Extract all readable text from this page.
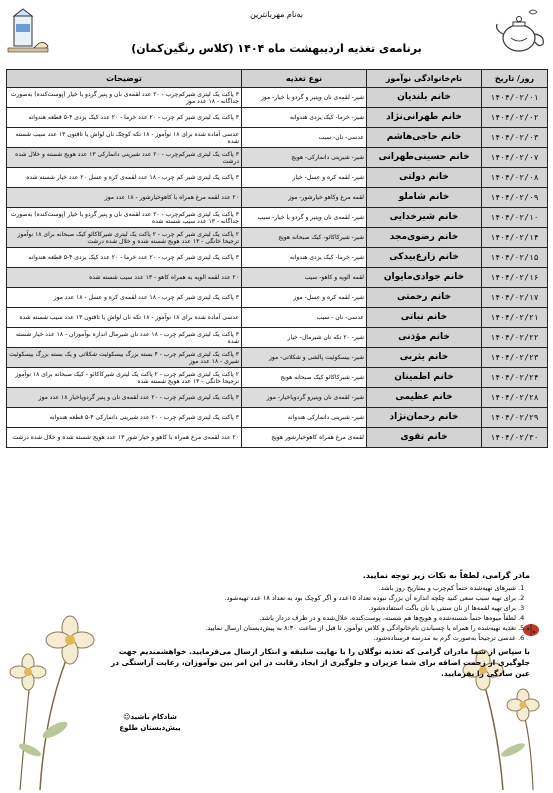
به‌نام مهربانترین
برنامه‌ی تغذیه اردیبهشت ماه ۱۴۰۴ (کلاس رنگین‌کمان)
روز/ تاریخ	نام‌خانوادگی نوآموز	نوع تغذیه	توضیحات
۱۴۰۴/۰۲/۰۱	خانم بلندیان	شیر- لقمه‌ی نان وپنیر و گردو یا خیار- موز	۳ پاکت یک لیتری شیرکم‌چرب - ۲۰ عدد لقمه‌ی نان و پنیر گردو یا خیار (پوست‌کنده) به‌صورت جداگانه - ۱۸ عدد موز
۱۴۰۴/۰۲/۰۲	خانم طهرانی‌نژاد	شیر- خرما- کیک یزدی هندوانه	۳ پاکت یک لیتری شیر کم چرب - ۲۰ عدد خرما - ۲۰ عدد کیک یزدی ۴-۵ قطعه هندوانه
۱۴۰۴/۰۲/۰۳	خانم حاجی‌هاشم	عدسی- نان- سیب	عدسی آماده شده برای ۱۸ نوآموز - ۱۸ تکه کوچک نان لواش یا تافتون ۱۳ عدد سیب شسته شده
۱۴۰۴/۰۲/۰۷	خانم حسینی‌طهرانی	شیر- شیرینی دانمارکی- هویج	۳ پاکت یک لیتری شیرکم‌چرب - ۲۰ عدد شیرینی دانمارکی ۱۳ عدد هویج شسته و خلال شده درشت
۱۴۰۴/۰۲/۰۸	خانم دولتی	شیر- لقمه کره و عسل- خیار	۳ پاکت یک لیتری شیر کم چرب - ۱۸ عدد لقمه‌ی کره و عسل ۲۰ عدد خیار شسته شده
۱۴۰۴/۰۲/۰۹	خانم شاملو	لقمه مرغ وکاهو خیارشور- موز	۲۰ عدد لقمه مرغ همراه با کاهوخیارشور - ۱۸ عدد موز
۱۴۰۴/۰۲/۱۰	خانم شیرخدایی	شیر- لقمه‌ی نان وپنیر و گردو یا خیار- سیب	۳ پاکت یک لیتری شیرکم‌چرب - ۲۰ عدد لقمه‌ی نان و پنیر گردو یا خیار (پوست‌کنده) به‌صورت جداگانه - ۱۳ عدد سیب شسته شده
۱۴۰۴/۰۲/۱۴	خانم رضوی‌مجد	شیر- شیرکاکائو- کیک صبحانه هویج	۲ پاکت یک لیتری شیر کم چرب - ۲ پاکت یک لیتری شیرکاکائو کیک صبحانه برای ۱۸ نوآموز ترجیحا خانگی - ۱۳ عدد هویج شسته شده و خلال شده درشت
۱۴۰۴/۰۲/۱۵	خانم زارع‌بیدکی	شیر- خرما- کیک یزدی هندوانه	۳ پاکت یک لیتری شیر کم چرب - ۲۰ عدد خرما - ۲۰ عدد کیک یزدی ۴-۵ قطعه هندوانه
۱۴۰۴/۰۲/۱۶	خانم جوادی‌مایوان	لقمه الویه و کاهو- سیب	۲۰ عدد لقمه الویه به همراه کاهو - ۱۳ عدد سیب شسته شده
۱۴۰۴/۰۲/۱۷	خانم رحمتی	شیر- لقمه کره و عسل- موز	۳ پاکت یک لیتری شیر کم چرب - ۱۸ عدد لقمه‌ی کره و عسل - ۱۸ عدد موز
۱۴۰۴/۰۲/۲۱	خانم نباتی	عدسی- نان - سیب	عدسی آماده شده برای ۱۸ نوآموز - ۱۸ تکه نان لواش یا تافتون ۱۳ عدد سیب شسته شده
۱۴۰۴/۰۲/۲۲	خانم مؤذنی	شیر- ۲۰ تکه نان شیرمال- خیار	۳ پاکت یک لیتری شیرکم چرب - ۱۸ عدد نان شیرمال اندازه نوآموزان - ۱۸ عدد خیار شسته شده
۱۴۰۴/۰۲/۲۳	خانم یثربی	شیر- بیسکوئیت پالشی و شکلاتی- موز	۳ پاکت یک لیتری شیرکم چرب - ۴ بسته بزرگ بیسکوئیت شکلاتی و یک بسته بزرگ بیسکوئیت شیری - ۱۸ عدد موز
۱۴۰۴/۰۲/۲۴	خانم اطمینان	شیر- شیرکاکائو کیک صبحانه هویج	۲ پاکت یک لیتری شیرکم چرب - ۲ پاکت یک لیتری شیرکاکائو - کیک صبحانه برای ۱۸ نوآموز ترجیحا خانگی - ۱۳ عدد هویج شسته شده
۱۴۰۴/۰۲/۲۸	خانم عظیمی	شیر- لقمه‌ی نان وپنیرو گردویاخیار- موز	۳ پاکت یک لیتری شیرکم چرب - ۲۰ عدد لقمه‌ی نان و پنیر گردویاخیار ۱۸ عدد موز
۱۴۰۴/۰۲/۲۹	خانم رحمان‌نژاد	شیر- شیرینی دانمارکی هندوانه	۳ پاکت یک لیتری شیرکم چرب - ۲۰ عدد شیرینی دانمارکی ۴-۵ قطعه هندوانه
۱۴۰۴/۰۲/۳۰	خانم تقوی	لقمه‌ی مرغ همراه کاهوخیارشور هویج	۲۰ عدد لقمه‌ی مرغ همراه با کاهو و خیار شور ۱۳ عدد هویج شسته شده و خلال شده درشت
مادر گرامی، لطفاً به نکات زیر توجه نمایید.
1. شیرهای تهیه‌شده حتماً کم‌چرب و بمتاریخ روز باشد.
2. برای تهیه سیب سعی کنید چلچه اندازه آن بزرگ نبوده تعداد ۱۵عدد و اگر کوچک بود به تعداد ۱۸ عدد تهیه‌شود.
3. برای تهیه لقمه‌ها از نان سنتی یا نان باگت استفاده‌شود.
4. لطفاً میوه‌ها حتماً شسته‌شده و هویج‌ها هم شسته، پوست‌کنده، خلال‌شده و در ظرف دردار باشد.
5. تغذیه تهیه‌شده را همراه با چسباندن نام‌خانوادگی و کلاس نوآموز، تا قبل از ساعت ۸:۳۰ به پیش‌دبستان ارسال نمایید.
6. عدسی ترجیحاً به‌صورت گرم به مدرسه فرستاده‌شود.
با سپاس از شما مادران گرامی که تغذیه نوگلان را با نهایت سلیقه و ابتکار ارسال می‌فرمایید. خواهشمندیم جهت جلوگیری از زحمت اضافه برای شما عزیزان و جلوگیری از ایجاد رقابت در این امر بین نوآموزان، رعایت آراستگی در عین سادگی را بفرمایید.
شاد‌کام باشید☺
پیش‌دبستان طلوع
